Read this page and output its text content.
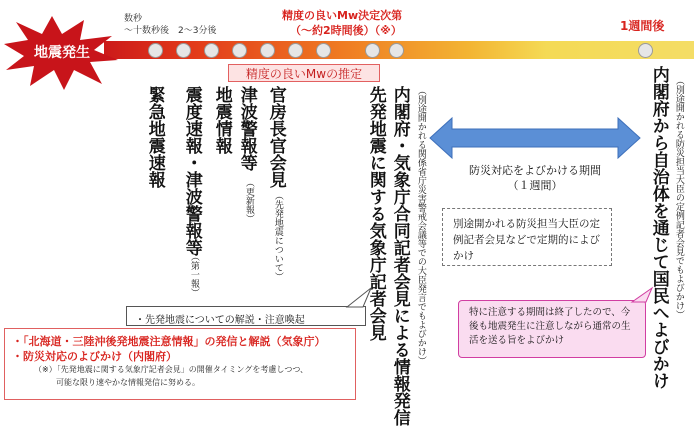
地震発生
数秒
〜十数秒後 2〜3分後
精度の良いMw決定次第
（〜約2時間後）（※）	1週間後
精度の良いMwの推定
緊急地震速報 震度速報・津波警報等
（第一報）
地震情報 津波警報等
（更新報）
官房長官会見
（先発地震について）	先発地震に関する気象庁記者会見 内閣府・気象庁合同記者会見による情報発信 （別途開かれる関係省庁災害警戒会議等での大臣発言でもよびかけ）	内閣府から自治体を通じて国民へよびかけ （別途開かれる防災担当大臣の定例記者会見でもよびかけ）
防災対応をよびかける期間
（１週間）
別途開かれる防災担当大臣の定例記者会見などで定期的によびかけ
特に注意する期間は終了したので、今後も地震発生に注意しながら通常の生活を送る旨をよびかけ
・先発地震についての解説・注意喚起
・「北海道・三陸沖後発地震注意情報」の発信と解説（気象庁）
・防災対応のよびかけ（内閣府）
（※）「先発地震に関する気象庁記者会見」の開催タイミングを考慮しつつ、
可能な限り速やかな情報発信に努める。
